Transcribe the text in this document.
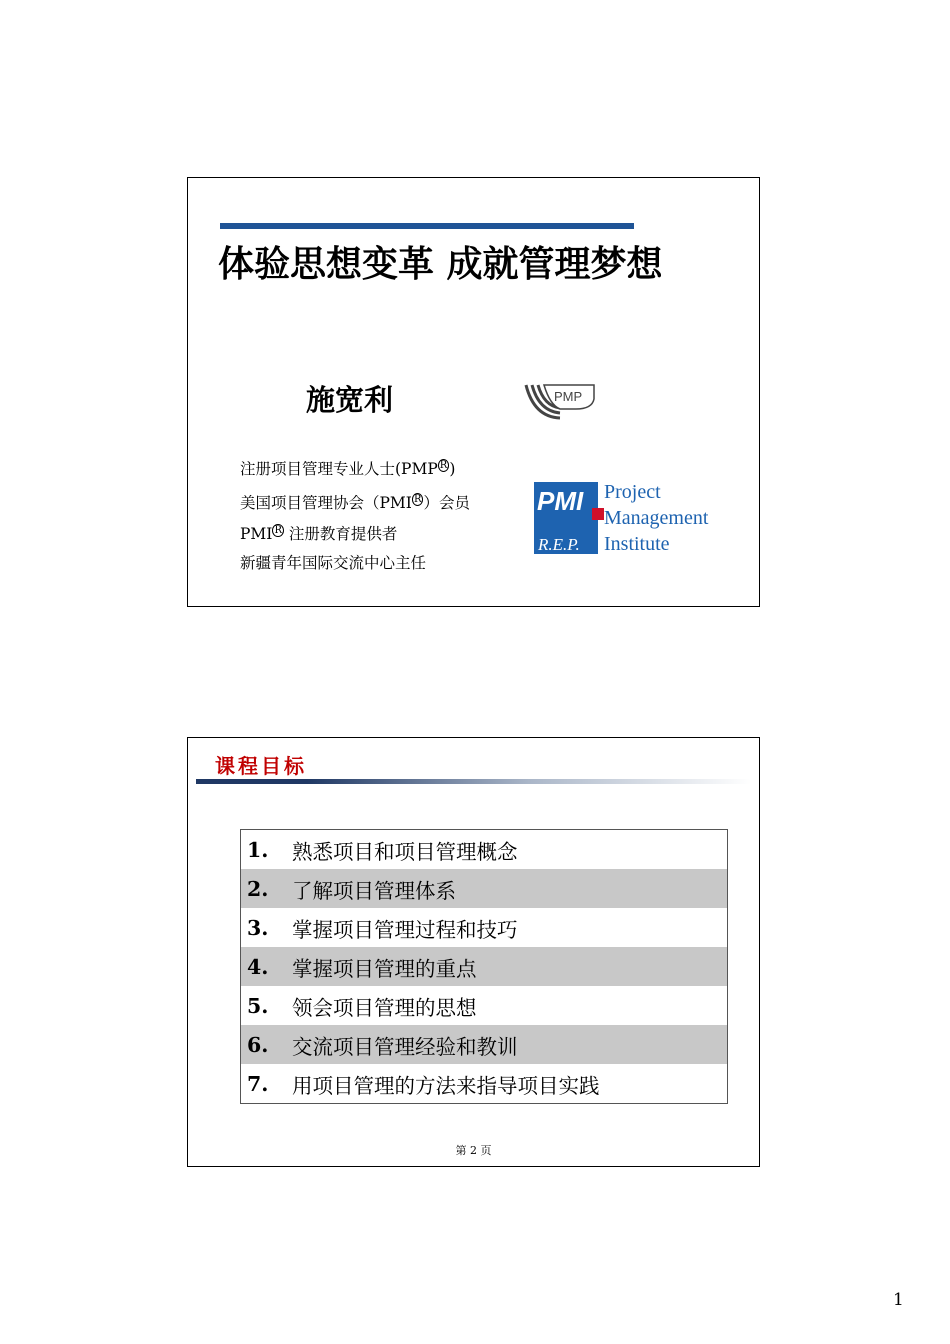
体验思想变革 成就管理梦想
施宽利	PMP
注册项目管理专业人士(PMP $^R$ )
美国项目管理协会（PMI $^R$ ）会员
PMI $^R$ 注册教育提供者
新疆青年国际交流中心主任
PMI
R.E.P.
Project
Management
Institute
课程目标
1.	熟悉项目和项目管理概念
2.	了解项目管理体系
3.	掌握项目管理过程和技巧
4.	掌握项目管理的重点
5.	领会项目管理的思想
6.	交流项目管理经验和教训
7.	用项目管理的方法来指导项目实践
第 2 页
1
